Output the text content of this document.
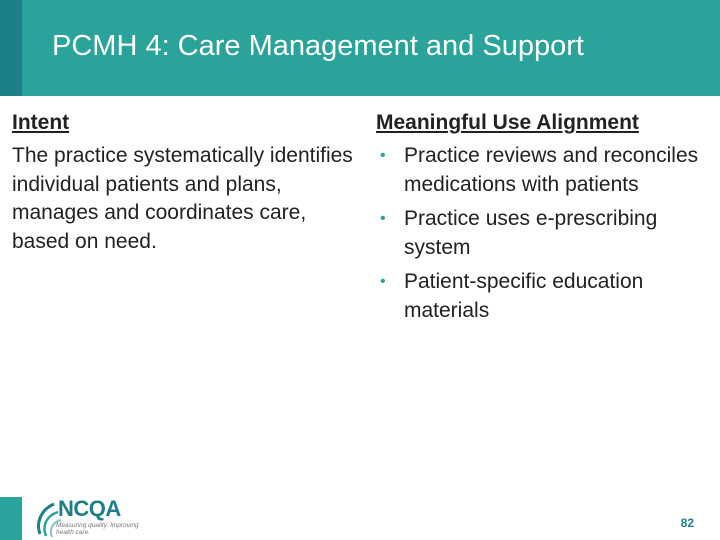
PCMH 4: Care Management and Support
Intent
The practice systematically identifies individual patients and plans, manages and coordinates care, based on need.
Meaningful Use Alignment
• Practice reviews and reconciles medications with patients
• Practice uses e-prescribing system
• Patient-specific education materials
NCQA
Measuring quality. Improving health care.
82
